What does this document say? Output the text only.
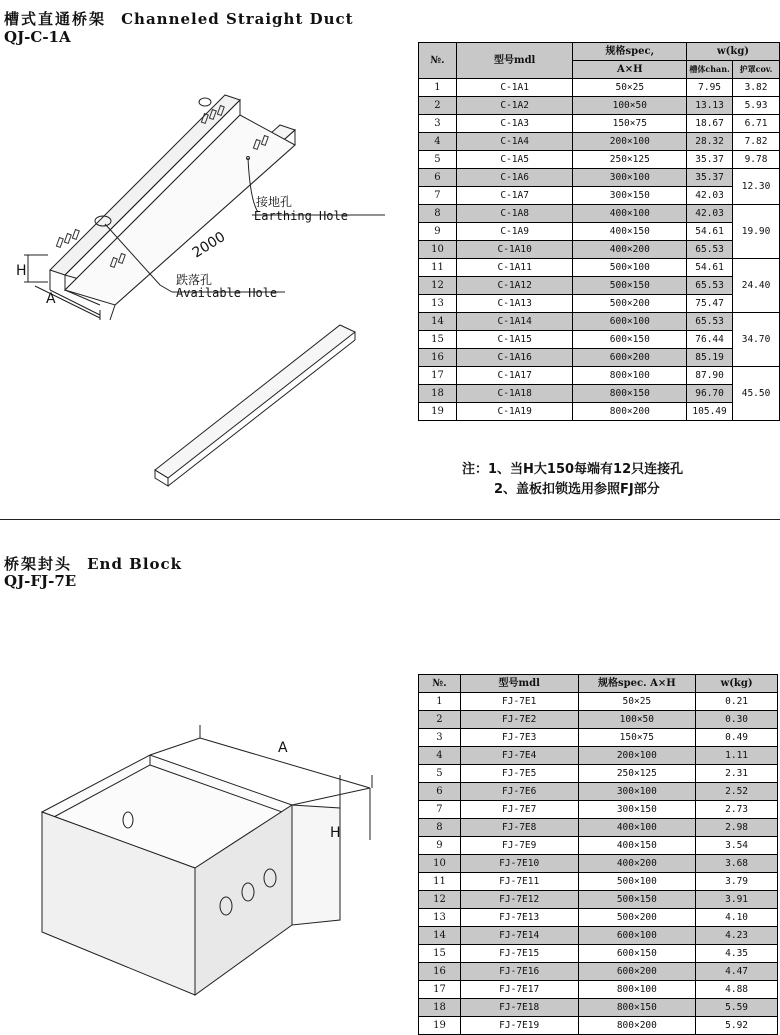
槽式直通桥架 Channeled Straight Duct
QJ-C-1A
H
A
2000
接地孔
Earthing Hole
跌落孔
Available Hole
№.	型号mdl	规格spec,	w(kg)	
		A×H	槽体chan.	护罩cov.
1	C-1A1	50×25	7.95	3.82
2	C-1A2	100×50	13.13	5.93
3	C-1A3	150×75	18.67	6.71
4	C-1A4	200×100	28.32	7.82
5	C-1A5	250×125	35.37	9.78
6	C-1A6	300×100	35.37	12.30
7	C-1A7	300×150	42.03	
8	C-1A8	400×100	42.03	19.90
9	C-1A9	400×150	54.61	
10	C-1A10	400×200	65.53	
11	C-1A11	500×100	54.61	24.40
12	C-1A12	500×150	65.53	
13	C-1A13	500×200	75.47	
14	C-1A14	600×100	65.53	34.70
15	C-1A15	600×150	76.44	
16	C-1A16	600×200	85.19	
17	C-1A17	800×100	87.90	45.50
18	C-1A18	800×150	96.70	
19	C-1A19	800×200	105.49	
注：1、当H大150每端有12只连接孔
2、盖板扣锁选用参照FJ部分
桥架封头 End Block
QJ-FJ-7E
A
H
№.	型号mdl	规格spec. A×H	w(kg)
1	FJ-7E1	50×25	0.21
2	FJ-7E2	100×50	0.30
3	FJ-7E3	150×75	0.49
4	FJ-7E4	200×100	1.11
5	FJ-7E5	250×125	2.31
6	FJ-7E6	300×100	2.52
7	FJ-7E7	300×150	2.73
8	FJ-7E8	400×100	2.98
9	FJ-7E9	400×150	3.54
10	FJ-7E10	400×200	3.68
11	FJ-7E11	500×100	3.79
12	FJ-7E12	500×150	3.91
13	FJ-7E13	500×200	4.10
14	FJ-7E14	600×100	4.23
15	FJ-7E15	600×150	4.35
16	FJ-7E16	600×200	4.47
17	FJ-7E17	800×100	4.88
18	FJ-7E18	800×150	5.59
19	FJ-7E19	800×200	5.92
